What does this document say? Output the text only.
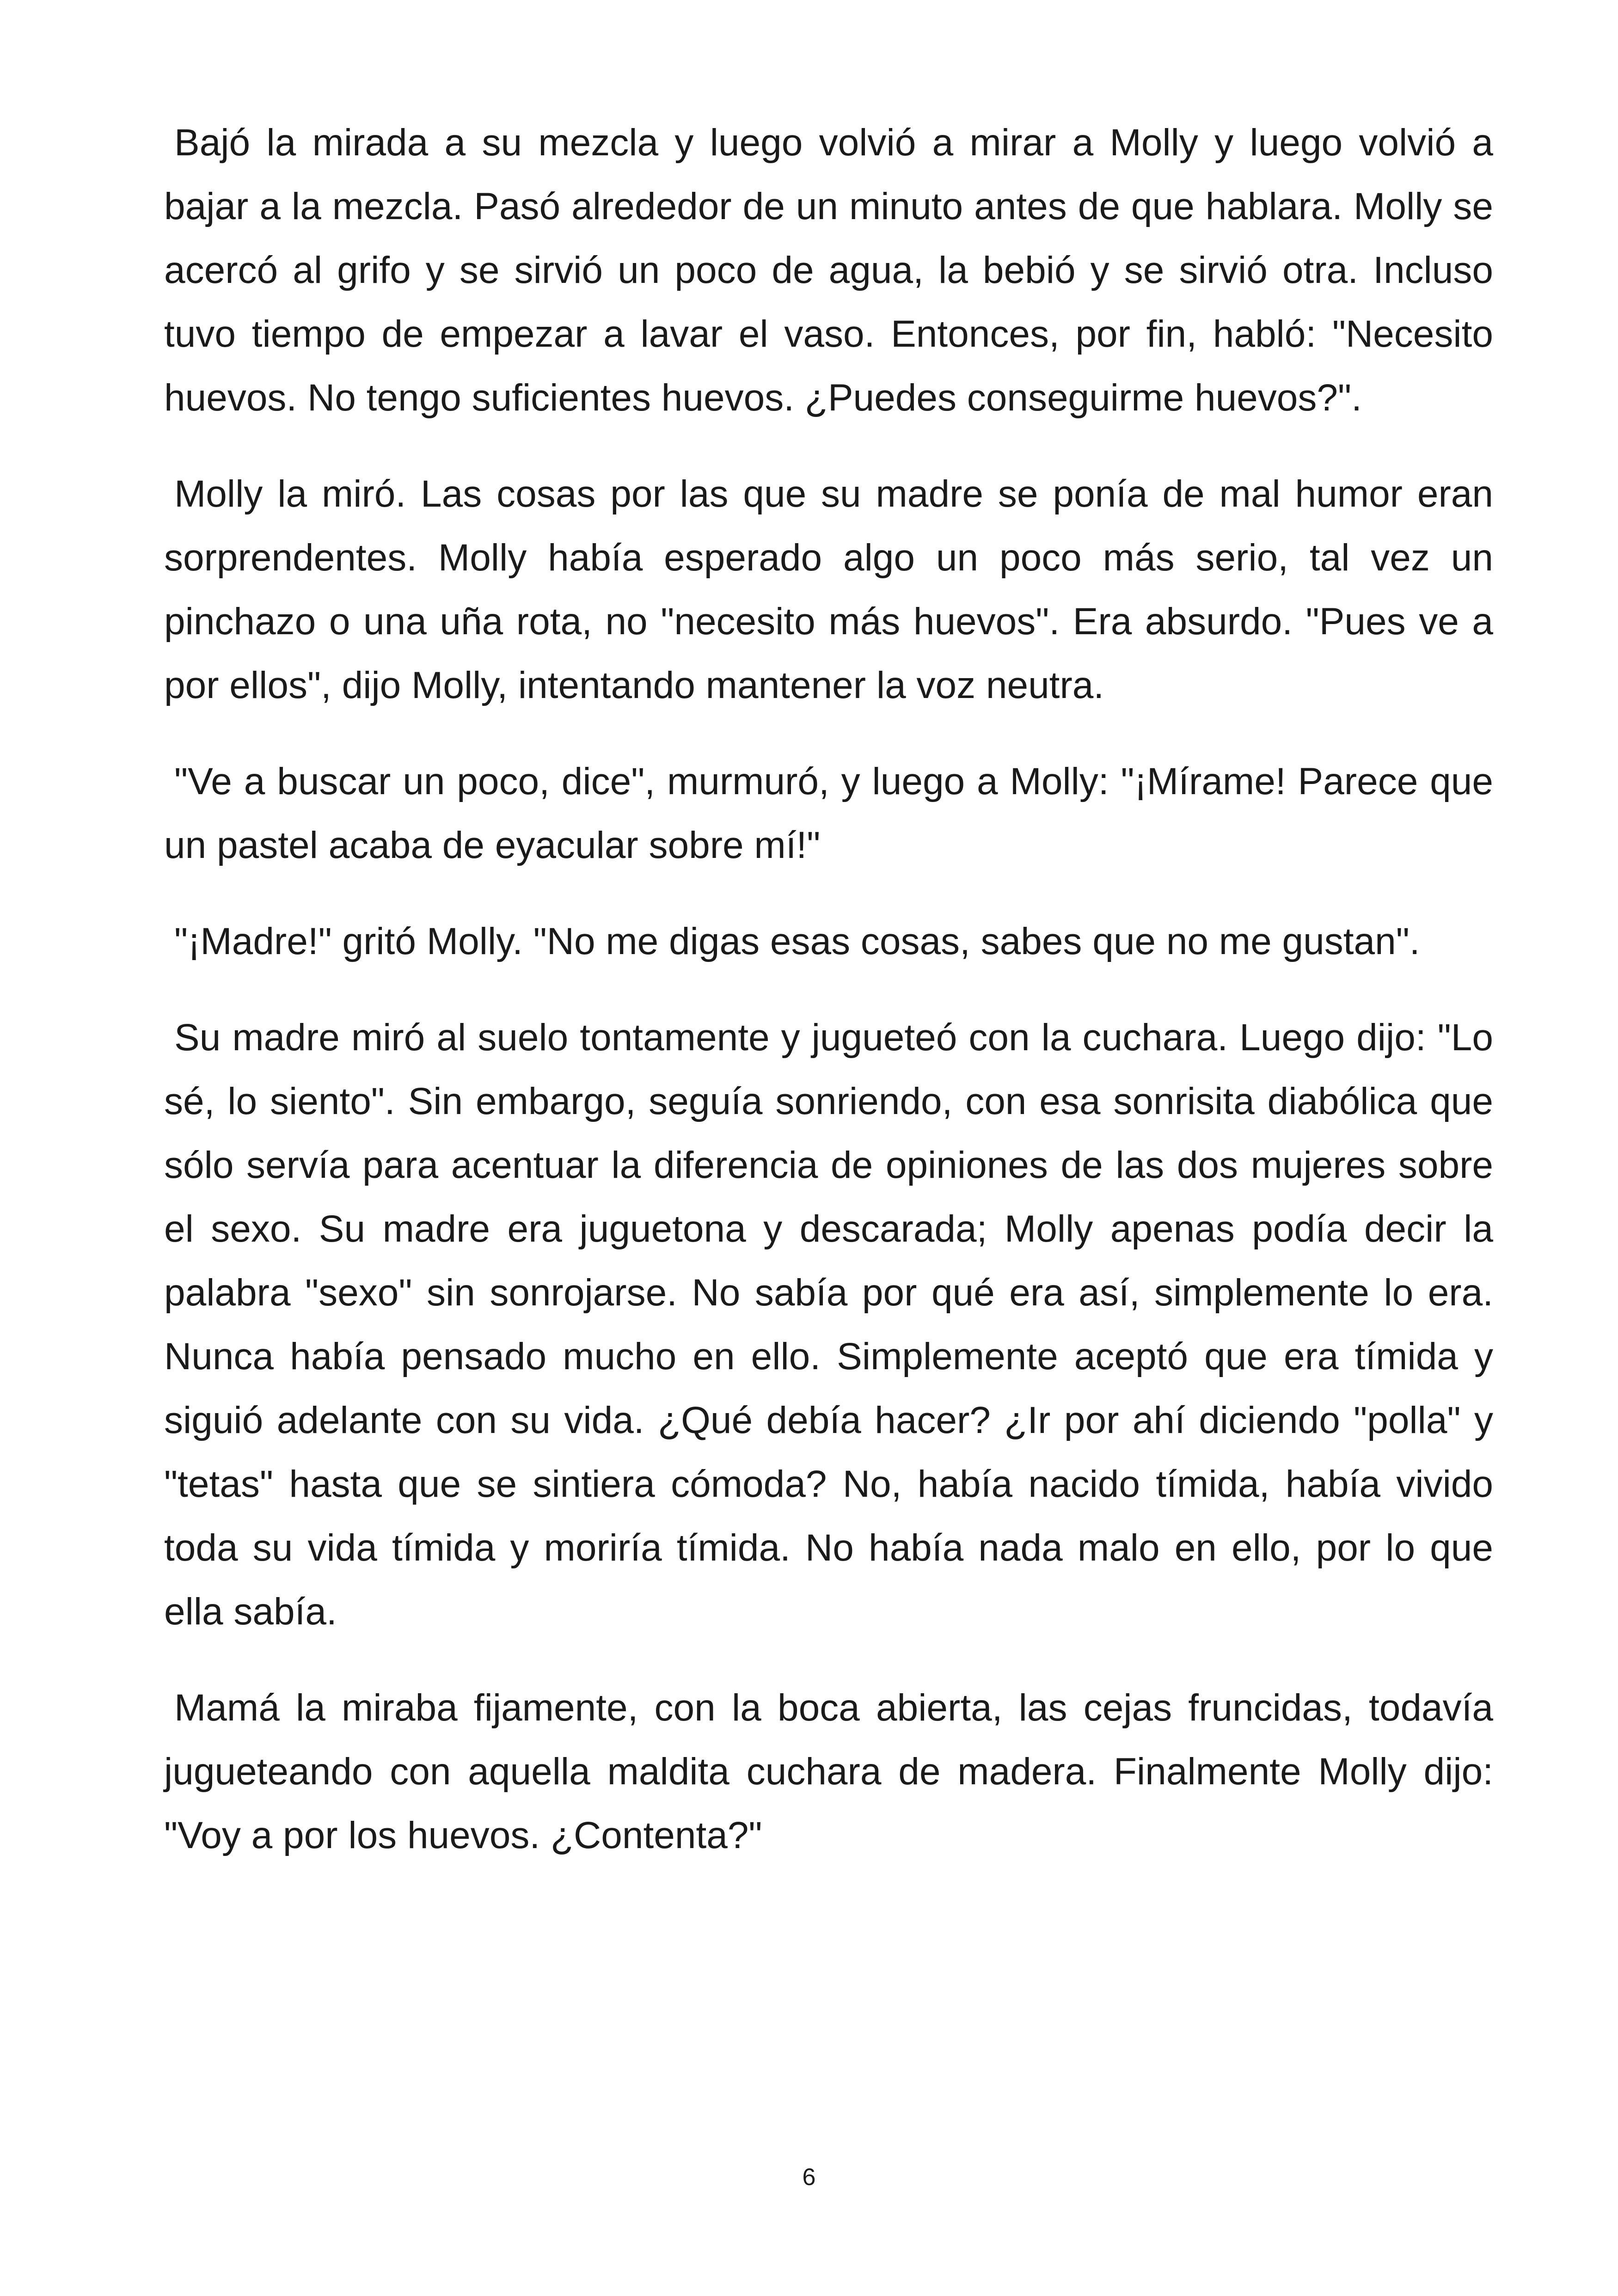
Bajó la mirada a su mezcla y luego volvió a mirar a Molly y luego volvió a bajar a la mezcla. Pasó alrededor de un minuto antes de que hablara. Molly se acercó al grifo y se sirvió un poco de agua, la bebió y se sirvió otra. Incluso tuvo tiempo de empezar a lavar el vaso. Entonces, por fin, habló: "Necesito huevos. No tengo suficientes huevos. ¿Puedes conseguirme huevos?".

Molly la miró. Las cosas por las que su madre se ponía de mal humor eran sorprendentes. Molly había esperado algo un poco más serio, tal vez un pinchazo o una uña rota, no "necesito más huevos". Era absurdo. "Pues ve a por ellos", dijo Molly, intentando mantener la voz neutra.

"Ve a buscar un poco, dice", murmuró, y luego a Molly: "¡Mírame! Parece que un pastel acaba de eyacular sobre mí!"

"¡Madre!" gritó Molly. "No me digas esas cosas, sabes que no me gustan".

Su madre miró al suelo tontamente y jugueteó con la cuchara. Luego dijo: "Lo sé, lo siento". Sin embargo, seguía sonriendo, con esa sonrisita diabólica que sólo servía para acentuar la diferencia de opiniones de las dos mujeres sobre el sexo. Su madre era juguetona y descarada; Molly apenas podía decir la palabra "sexo" sin sonrojarse. No sabía por qué era así, simplemente lo era. Nunca había pensado mucho en ello. Simplemente aceptó que era tímida y siguió adelante con su vida. ¿Qué debía hacer? ¿Ir por ahí diciendo "polla" y "tetas" hasta que se sintiera cómoda? No, había nacido tímida, había vivido toda su vida tímida y moriría tímida. No había nada malo en ello, por lo que ella sabía.

Mamá la miraba fijamente, con la boca abierta, las cejas fruncidas, todavía jugueteando con aquella maldita cuchara de madera. Finalmente Molly dijo: "Voy a por los huevos. ¿Contenta?"

6
